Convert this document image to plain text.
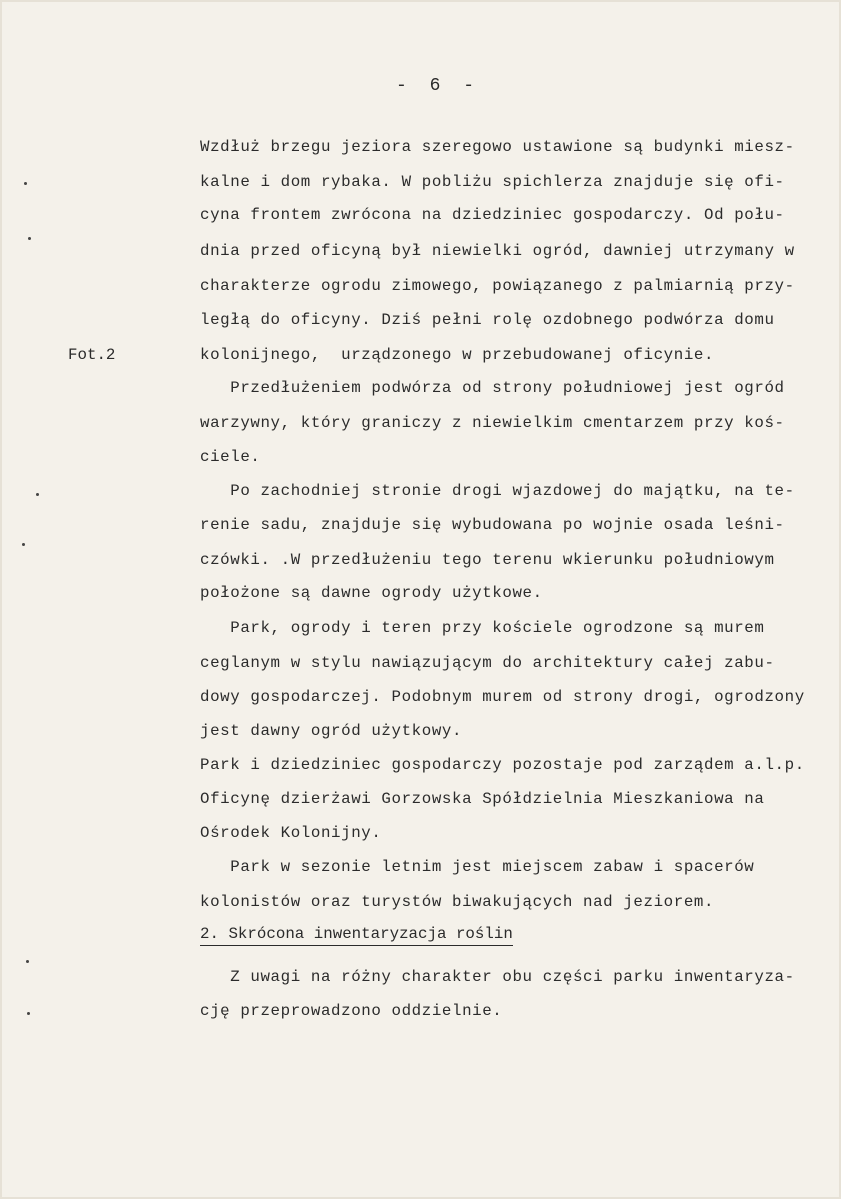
- 6 -
Fot.2
Wzdłuż brzegu jeziora szeregowo ustawione są budynki miesz-
kalne i dom rybaka. W pobliżu spichlerza znajduje się ofi-
cyna frontem zwrócona na dziedziniec gospodarczy. Od połu-
dnia przed oficyną był niewielki ogród, dawniej utrzymany w
charakterze ogrodu zimowego, powiązanego z palmiarnią przy-
ległą do oficyny. Dziś pełni rolę ozdobnego podwórza domu
kolonijnego,  urządzonego w przebudowanej oficynie.
Przedłużeniem podwórza od strony południowej jest ogród
warzywny, który graniczy z niewielkim cmentarzem przy koś-
ciele.
Po zachodniej stronie drogi wjazdowej do majątku, na te-
renie sadu, znajduje się wybudowana po wojnie osada leśni-
czówki. .W przedłużeniu tego terenu wkierunku południowym
położone są dawne ogrody użytkowe.
Park, ogrody i teren przy kościele ogrodzone są murem
ceglanym w stylu nawiązującym do architektury całej zabu-
dowy gospodarczej. Podobnym murem od strony drogi, ogrodzony
jest dawny ogród użytkowy.
Park i dziedziniec gospodarczy pozostaje pod zarządem a.l.p.
Oficynę dzierżawi Gorzowska Spółdzielnia Mieszkaniowa na
Ośrodek Kolonijny.
Park w sezonie letnim jest miejscem zabaw i spacerów
kolonistów oraz turystów biwakujących nad jeziorem.
2. Skrócona inwentaryzacja roślin
Z uwagi na różny charakter obu części parku inwentaryza-
cję przeprowadzono oddzielnie.
